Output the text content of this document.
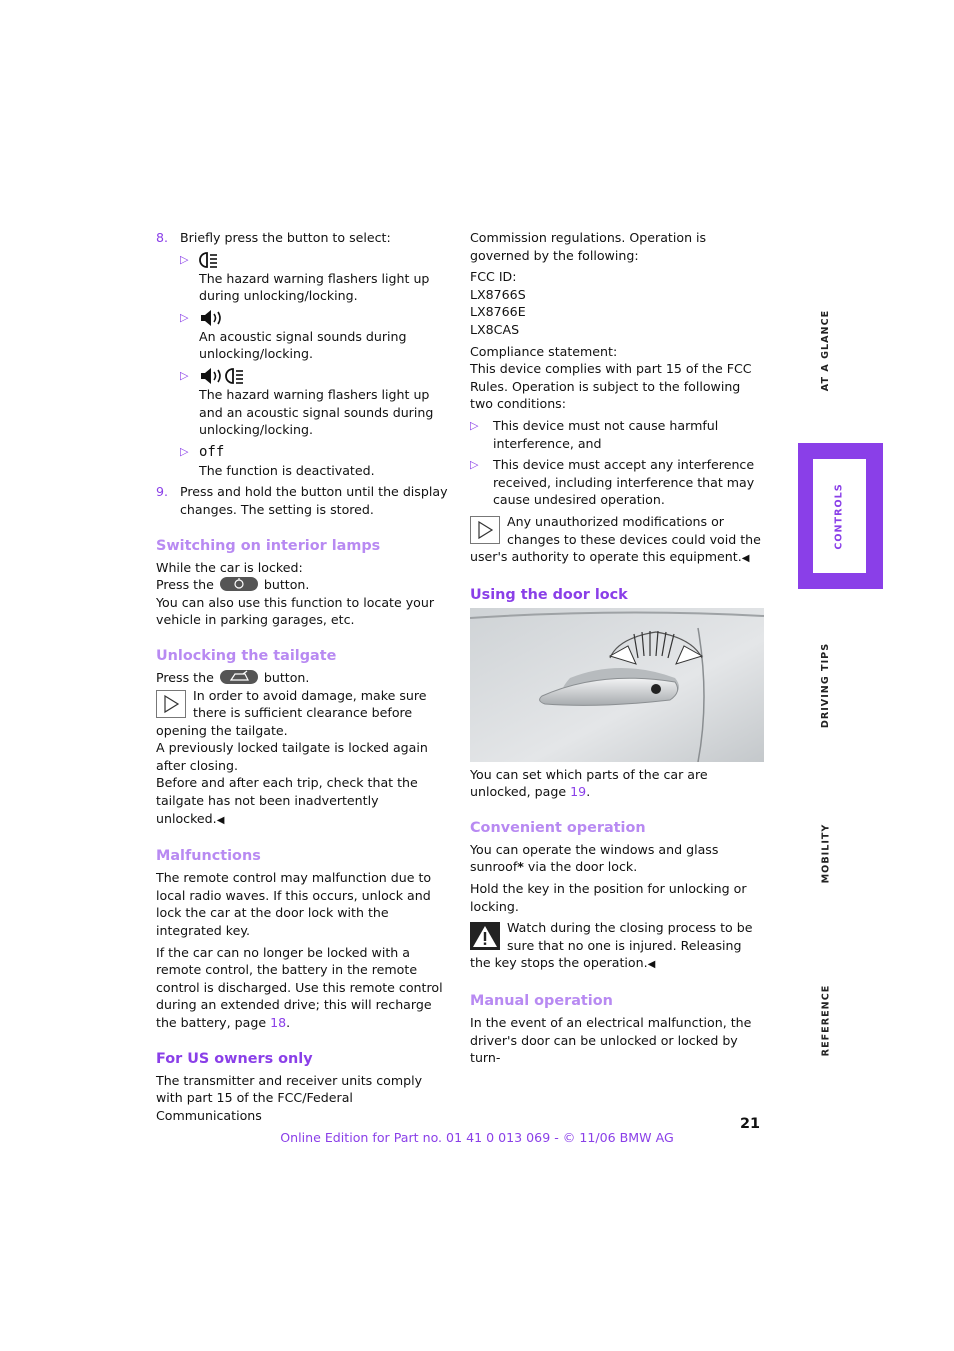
8. Briefly press the button to select:

▷

The hazard warning flashers light up during unlocking/locking.

▷

An acoustic signal sounds during unlocking/locking.

▷

The hazard warning flashers light up and an acoustic signal sounds during unlocking/locking.

▷ off

The function is deactivated.

9. Press and hold the button until the display changes. The setting is stored.

Switching on interior lamps

While the car is locked:

Press the	button.

You can also use this function to locate your vehicle in parking garages, etc.

Unlocking the tailgate

Press the	button.

In order to avoid damage, make sure there is sufficient clearance before opening the tailgate.

A previously locked tailgate is locked again after closing.

Before and after each trip, check that the tailgate has not been inadvertently unlocked.◀

Malfunctions

The remote control may malfunction due to local radio waves. If this occurs, unlock and lock the car at the door lock with the integrated key.

If the car can no longer be locked with a remote control, the battery in the remote control is discharged. Use this remote control during an extended drive; this will recharge the battery, page 18.

For US owners only

The transmitter and receiver units comply with part 15 of the FCC/Federal Communications

Commission regulations. Operation is governed by the following:

FCC ID:

LX8766S

LX8766E

LX8CAS

Compliance statement:

This device complies with part 15 of the FCC Rules. Operation is subject to the following two conditions:

▷ This device must not cause harmful interference, and

▷ This device must accept any interference received, including interference that may cause undesired operation.

Any unauthorized modifications or changes to these devices could void the user's authority to operate this equipment.◀

Using the door lock

You can set which parts of the car are unlocked, page 19.

Convenient operation

You can operate the windows and glass sunroof* via the door lock.

Hold the key in the position for unlocking or locking.

Watch during the closing process to be sure that no one is injured. Releasing the key stops the operation.◀

Manual operation

In the event of an electrical malfunction, the driver's door can be unlocked or locked by turn-

AT A GLANCE
CONTROLS
DRIVING TIPS
MOBILITY
REFERENCE
21
Online Edition for Part no. 01 41 0 013 069 - © 11/06 BMW AG
